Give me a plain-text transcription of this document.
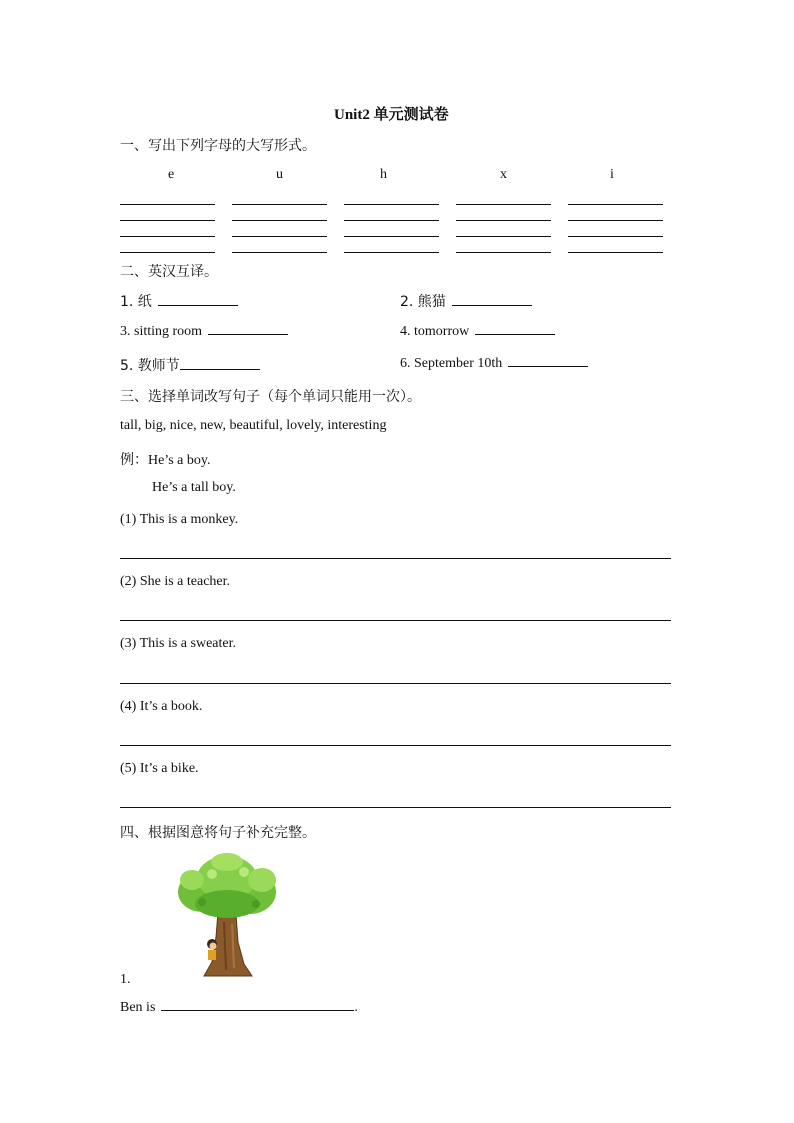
Unit2 单元测试卷
一、写出下列字母的大写形式。
e	u	h	x	i
二、英汉互译。
1. 纸	2. 熊猫
3. sitting room	4. tomorrow
5. 教师节	6. September 10th
三、选择单词改写句子（每个单词只能用一次）。
tall, big, nice, new, beautiful, lovely, interesting
例：He’s a boy.
He’s a tall boy.
(1) This is a monkey.
(2) She is a teacher.
(3) This is a sweater.
(4) It’s a book.
(5) It’s a bike.
四、根据图意将句子补充完整。
1.
Ben is	.
